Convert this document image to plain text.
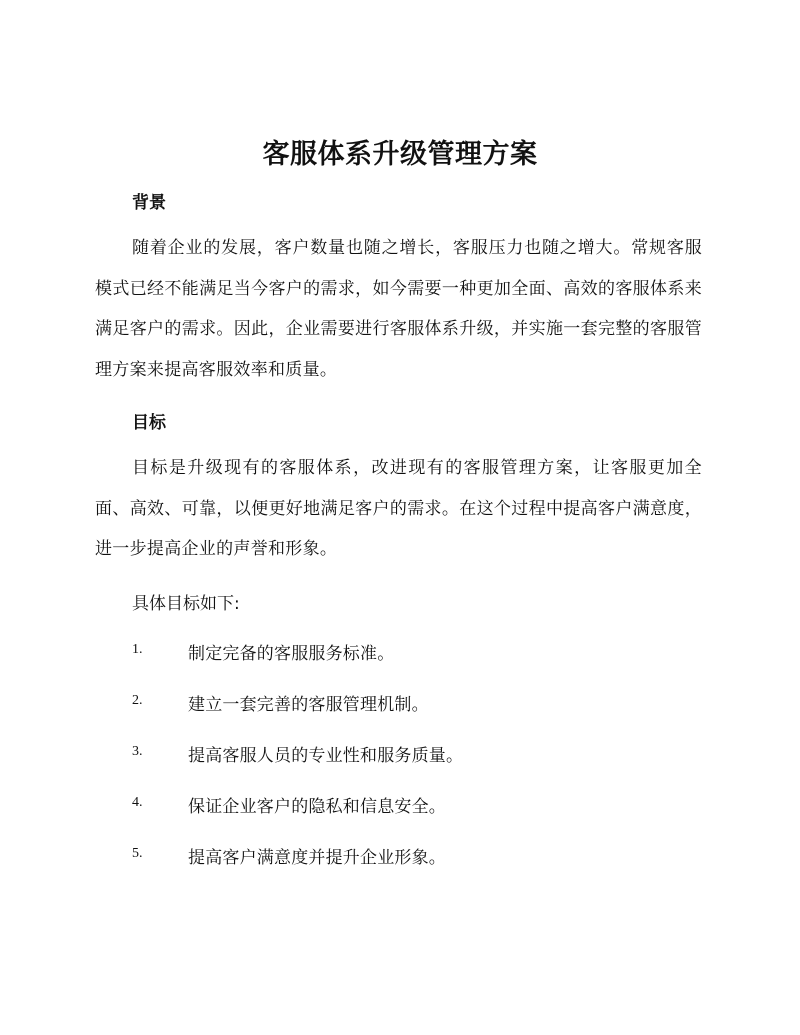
客服体系升级管理方案
背景
随着企业的发展，客户数量也随之增长，客服压力也随之增大。常规客服模式已经不能满足当今客户的需求，如今需要一种更加全面、高效的客服体系来满足客户的需求。因此，企业需要进行客服体系升级，并实施一套完整的客服管理方案来提高客服效率和质量。
目标
目标是升级现有的客服体系，改进现有的客服管理方案，让客服更加全面、高效、可靠，以便更好地满足客户的需求。在这个过程中提高客户满意度，进一步提高企业的声誉和形象。
具体目标如下:
1.	制定完备的客服服务标准。
2.	建立一套完善的客服管理机制。
3.	提高客服人员的专业性和服务质量。
4.	保证企业客户的隐私和信息安全。
5.	提高客户满意度并提升企业形象。
